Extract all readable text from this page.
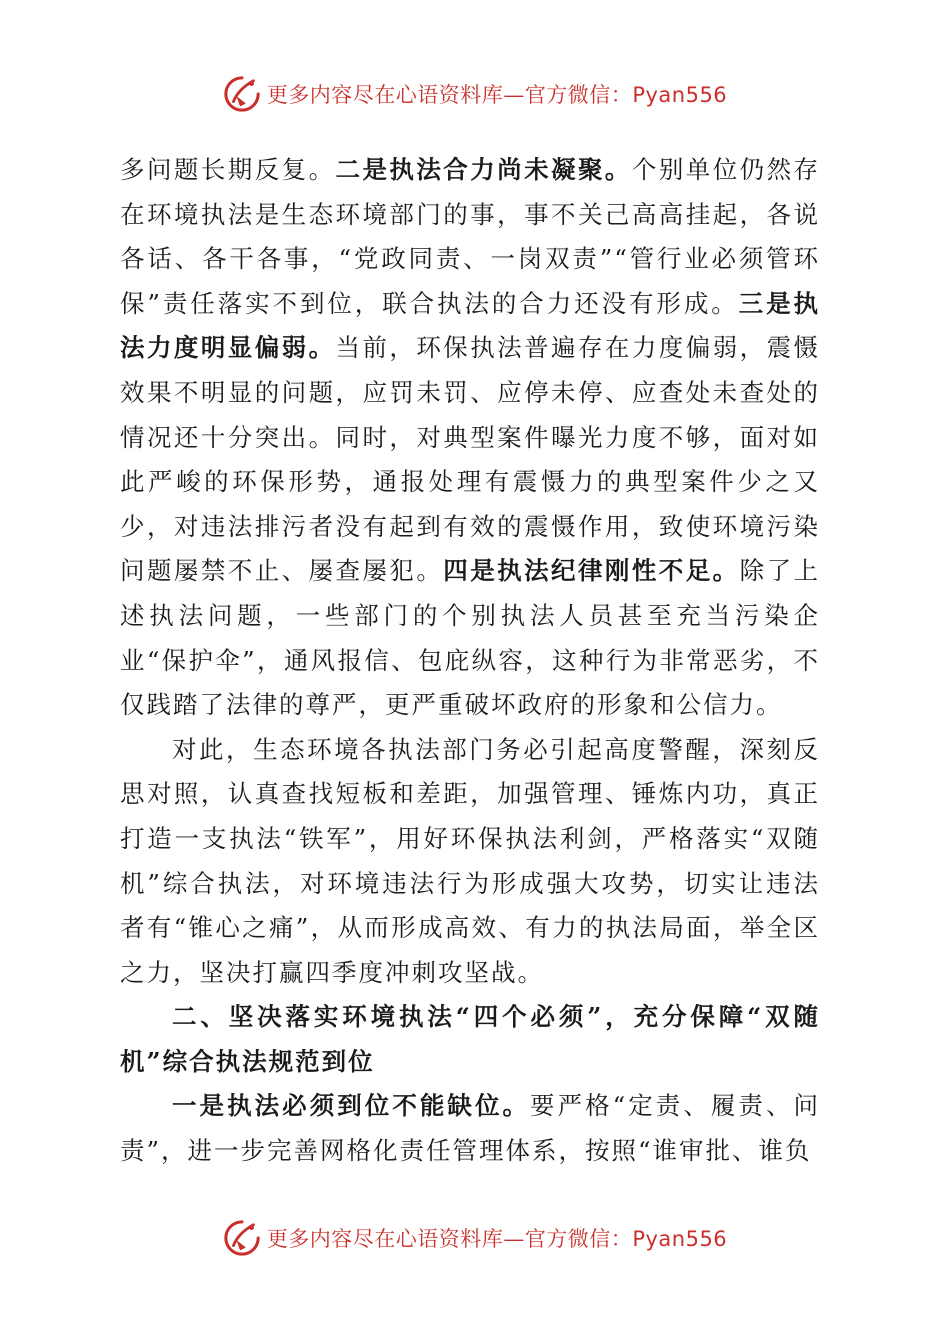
更多内容尽在心语资料库—官方微信：Pyan556

多问题长期反复。二是执法合力尚未凝聚。个别单位仍然存在环境执法是生态环境部门的事，事不关己高高挂起，各说各话、各干各事，“党政同责、一岗双责”“管行业必须管环保”责任落实不到位，联合执法的合力还没有形成。三是执法力度明显偏弱。当前，环保执法普遍存在力度偏弱，震慑效果不明显的问题，应罚未罚、应停未停、应查处未查处的情况还十分突出。同时，对典型案件曝光力度不够，面对如此严峻的环保形势，通报处理有震慑力的典型案件少之又少，对违法排污者没有起到有效的震慑作用，致使环境污染问题屡禁不止、屡查屡犯。四是执法纪律刚性不足。除了上述执法问题，一些部门的个别执法人员甚至充当污染企业“保护伞”，通风报信、包庇纵容，这种行为非常恶劣，不仅践踏了法律的尊严，更严重破坏政府的形象和公信力。

对此，生态环境各执法部门务必引起高度警醒，深刻反思对照，认真查找短板和差距，加强管理、锤炼内功，真正打造一支执法“铁军”，用好环保执法利剑，严格落实“双随机”综合执法，对环境违法行为形成强大攻势，切实让违法者有“锥心之痛”，从而形成高效、有力的执法局面，举全区之力，坚决打赢四季度冲刺攻坚战。

二、坚决落实环境执法“四个必须”，充分保障“双随机”综合执法规范到位

一是执法必须到位不能缺位。要严格“定责、履责、问责”，进一步完善网格化责任管理体系，按照“谁审批、谁负

更多内容尽在心语资料库—官方微信：Pyan556
